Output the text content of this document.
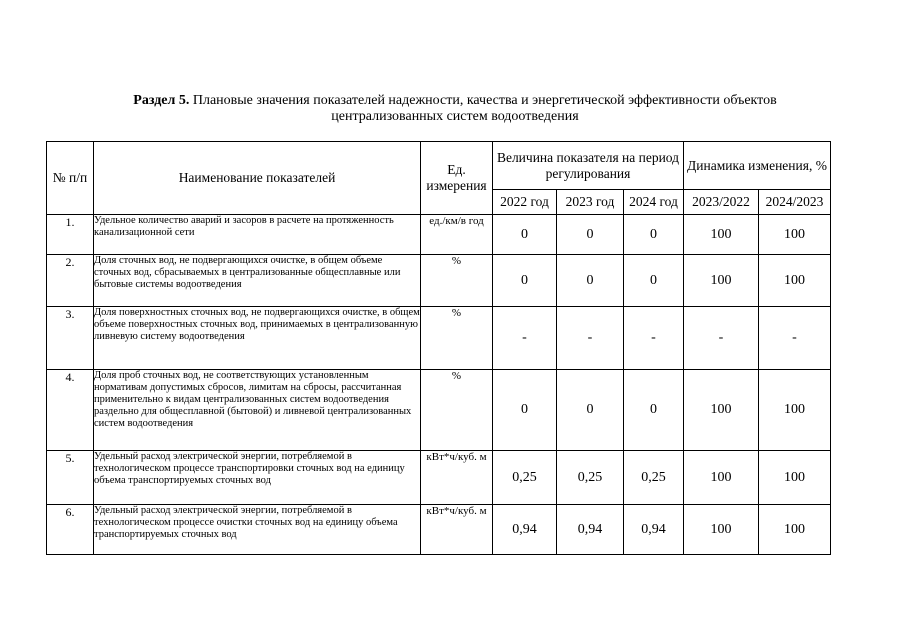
Раздел 5. Плановые значения показателей надежности, качества и энергетической эффективности объектов централизованных систем водоотведения
№ п/п	Наименование показателей	Ед. измерения	Величина показателя на период регулирования			Динамика изменения, %	
			2022 год	2023 год	2024 год	2023/2022	2024/2023
1.	Удельное количество аварий и засоров в расчете на протяженность канализационной сети	ед./км/в год	0	0	0	100	100
2.	Доля сточных вод, не подвергающихся очистке, в общем объеме сточных вод, сбрасываемых в централизованные общесплавные или бытовые системы водоотведения	%	0	0	0	100	100
3.	Доля поверхностных сточных вод, не подвергающихся очистке, в общем объеме поверхностных сточных вод, принимаемых в централизованную ливневую систему водоотведения	%	-	-	-	-	-
4.	Доля проб сточных вод, не соответствующих установленным нормативам допустимых сбросов, лимитам на сбросы, рассчитанная применительно к видам централизованных систем водоотведения раздельно для общесплавной (бытовой) и ливневой централизованных систем водоотведения	%	0	0	0	100	100
5.	Удельный расход электрической энергии, потребляемой в технологическом процессе транспортировки сточных вод на единицу объема транспортируемых сточных вод	кВт*ч/куб. м	0,25	0,25	0,25	100	100
6.	Удельный расход электрической энергии, потребляемой в технологическом процессе очистки сточных вод на единицу объема транспортируемых сточных вод	кВт*ч/куб. м	0,94	0,94	0,94	100	100
